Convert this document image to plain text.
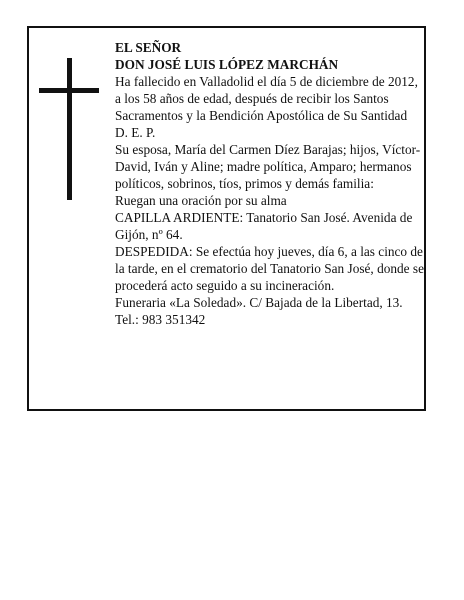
EL SEÑOR

DON JOSÉ LUIS LÓPEZ MARCHÁN

Ha fallecido en Valladolid el día 5 de diciembre de 2012, a los 58 años de edad, después de recibir los Santos Sacramentos y la Bendición Apostólica de Su Santidad

D. E. P.

Su esposa, María del Carmen Díez Barajas; hijos, Víctor-David, Iván y Aline; madre política, Amparo; hermanos políticos, sobrinos, tíos, primos y demás familia:

Ruegan una oración por su alma

CAPILLA ARDIENTE: Tanatorio San José. Avenida de Gijón, nº 64.

DESPEDIDA: Se efectúa hoy jueves, día 6, a las cinco de la tarde, en el crematorio del Tanatorio San José, donde se procederá acto seguido a su incineración.

Funeraria «La Soledad». C/ Bajada de la Libertad, 13.

Tel.: 983 351342
